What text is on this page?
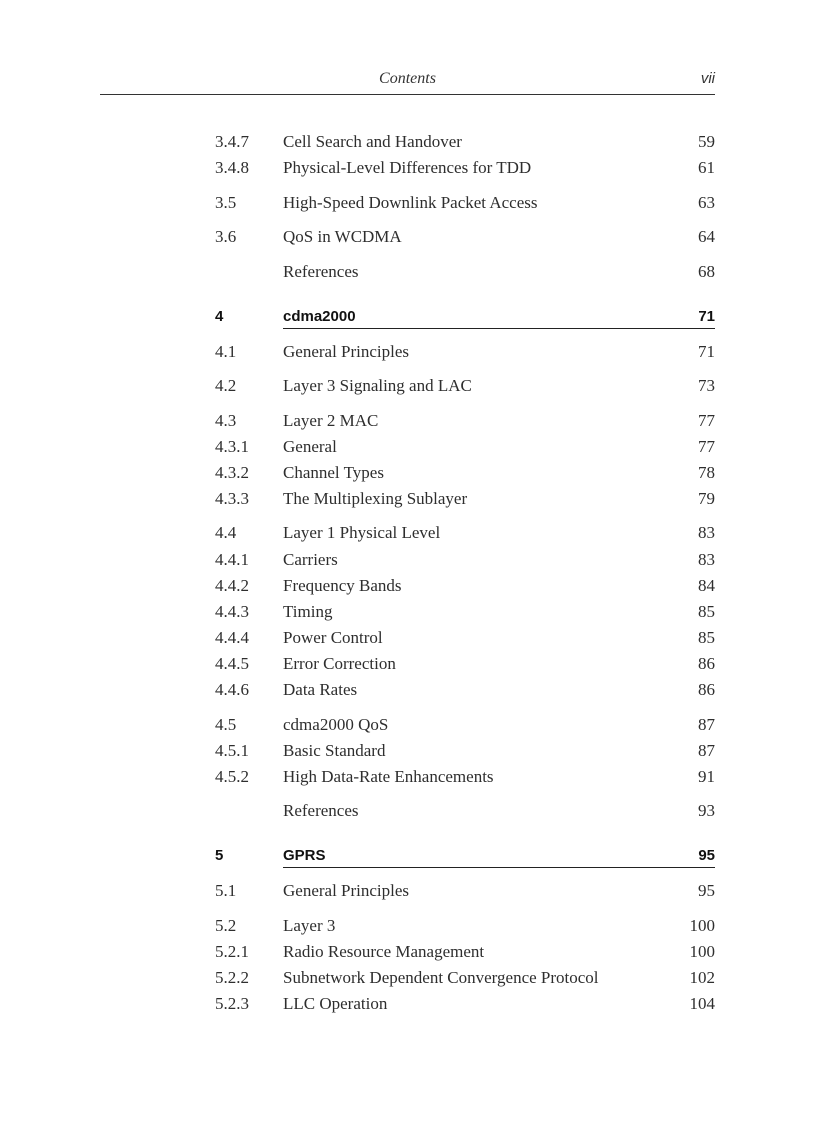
Contents	vii
3.4.7 Cell Search and Handover	59
3.4.8 Physical-Level Differences for TDD	61
3.5	High-Speed Downlink Packet Access	63
3.6	QoS in WCDMA	64
References	68
4	cdma2000	71
4.1	General Principles	71
4.2	Layer 3 Signaling and LAC	73
4.3	Layer 2 MAC	77
4.3.1 General	77
4.3.2 Channel Types	78
4.3.3 The Multiplexing Sublayer	79
4.4	Layer 1 Physical Level	83
4.4.1 Carriers	83
4.4.2 Frequency Bands	84
4.4.3 Timing	85
4.4.4 Power Control	85
4.4.5 Error Correction	86
4.4.6 Data Rates	86
4.5	cdma2000 QoS	87
4.5.1 Basic Standard	87
4.5.2 High Data-Rate Enhancements	91
References	93
5	GPRS	95
5.1	General Principles	95
5.2	Layer 3	100
5.2.1 Radio Resource Management	100
5.2.2 Subnetwork Dependent Convergence Protocol	102
5.2.3 LLC Operation	104
